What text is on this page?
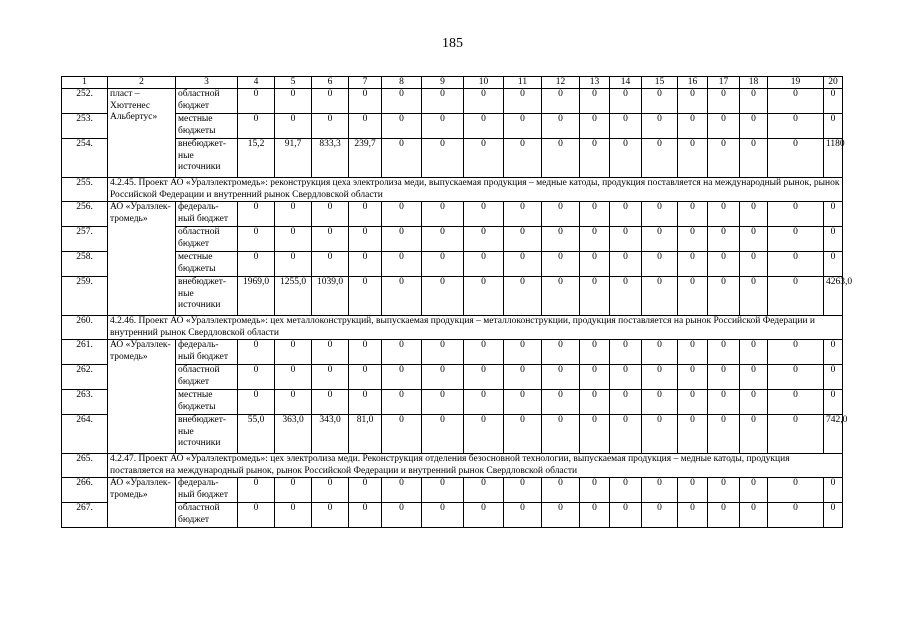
185
1	2	3	4	5	6	7	8	9	10	11	12	13	14	15	16	17	18	19	20
252.	пласт – Хюттенес Альбертус»	областной бюджет	0	0	0	0	0	0	0	0	0	0	0	0	0	0	0	0	0
253.		местные бюджеты	0	0	0	0	0	0	0	0	0	0	0	0	0	0	0	0	0
254.		внебюджет-ные источники	15,2	91,7	833,3	239,7	0	0	0	0	0	0	0	0	0	0	0	0	1180
255.	4.2.45. Проект АО «Уралэлектромедь»: реконструкция цеха электролиза меди, выпускаемая продукция – медные катоды, продукция поставляется на международный рынок, рынок Российской Федерации и внутренний рынок Свердловской области																		
256.	АО «Уралэлек-тромедь»	федераль-ный бюджет	0	0	0	0	0	0	0	0	0	0	0	0	0	0	0	0	0
257.		областной бюджет	0	0	0	0	0	0	0	0	0	0	0	0	0	0	0	0	0
258.		местные бюджеты	0	0	0	0	0	0	0	0	0	0	0	0	0	0	0	0	0
259.		внебюджет-ные источники	1969,0	1255,0	1039,0	0	0	0	0	0	0	0	0	0	0	0	0	0	4263,0
260.	4.2.46. Проект АО «Уралэлектромедь»: цех металлоконструкций, выпускаемая продукция – металлоконструкции, продукция поставляется на рынок Российской Федерации и внутренний рынок Свердловской области																		
261.	АО «Уралэлек-тромедь»	федераль-ный бюджет	0	0	0	0	0	0	0	0	0	0	0	0	0	0	0	0	0
262.		областной бюджет	0	0	0	0	0	0	0	0	0	0	0	0	0	0	0	0	0
263.		местные бюджеты	0	0	0	0	0	0	0	0	0	0	0	0	0	0	0	0	0
264.		внебюджет-ные источники	55,0	363,0	343,0	81,0	0	0	0	0	0	0	0	0	0	0	0	0	742,0
265.	4.2.47. Проект АО «Уралэлектромедь»: цех электролиза меди. Реконструкция отделения безосновной технологии, выпускаемая продукция – медные катоды, продукция поставляется на международный рынок, рынок Российской Федерации и внутренний рынок Свердловской области																		
266.	АО «Уралэлек-тромедь»	федераль-ный бюджет	0	0	0	0	0	0	0	0	0	0	0	0	0	0	0	0	0
267.		областной бюджет	0	0	0	0	0	0	0	0	0	0	0	0	0	0	0	0	0
